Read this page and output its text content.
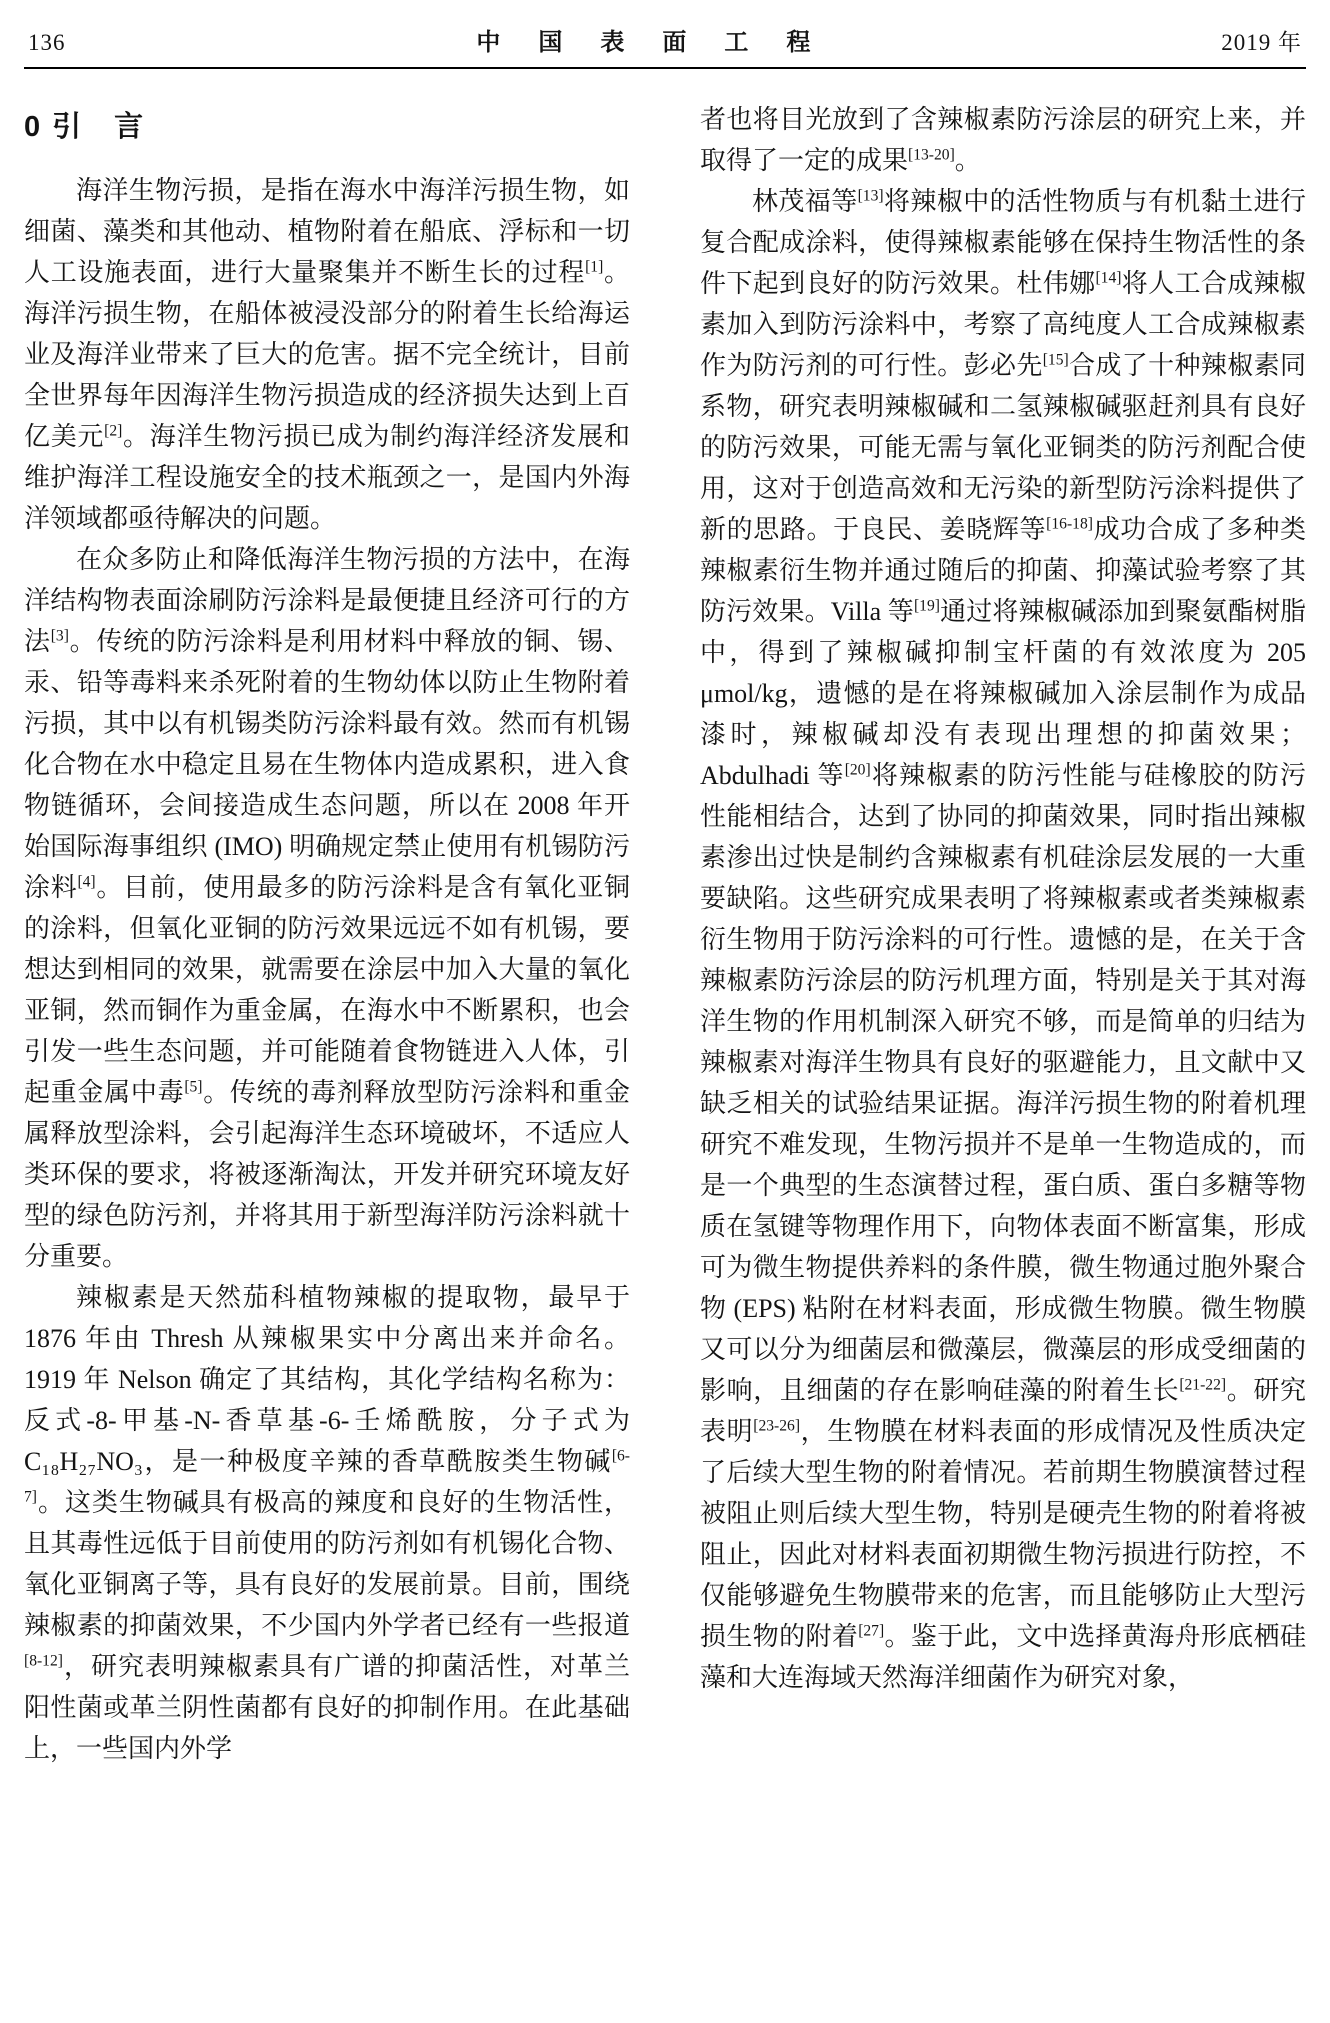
136	中 国 表 面 工 程	2019 年
0 引　言

海洋生物污损，是指在海水中海洋污损生物，如细菌、藻类和其他动、植物附着在船底、浮标和一切人工设施表面，进行大量聚集并不断生长的过程[1]。海洋污损生物，在船体被浸没部分的附着生长给海运业及海洋业带来了巨大的危害。据不完全统计，目前全世界每年因海洋生物污损造成的经济损失达到上百亿美元[2]。海洋生物污损已成为制约海洋经济发展和维护海洋工程设施安全的技术瓶颈之一，是国内外海洋领域都亟待解决的问题。

在众多防止和降低海洋生物污损的方法中，在海洋结构物表面涂刷防污涂料是最便捷且经济可行的方法[3]。传统的防污涂料是利用材料中释放的铜、锡、汞、铅等毒料来杀死附着的生物幼体以防止生物附着污损，其中以有机锡类防污涂料最有效。然而有机锡化合物在水中稳定且易在生物体内造成累积，进入食物链循环，会间接造成生态问题，所以在 2008 年开始国际海事组织 (IMO) 明确规定禁止使用有机锡防污涂料[4]。目前，使用最多的防污涂料是含有氧化亚铜的涂料，但氧化亚铜的防污效果远远不如有机锡，要想达到相同的效果，就需要在涂层中加入大量的氧化亚铜，然而铜作为重金属，在海水中不断累积，也会引发一些生态问题，并可能随着食物链进入人体，引起重金属中毒[5]。传统的毒剂释放型防污涂料和重金属释放型涂料，会引起海洋生态环境破坏，不适应人类环保的要求，将被逐渐淘汰，开发并研究环境友好型的绿色防污剂，并将其用于新型海洋防污涂料就十分重要。

辣椒素是天然茄科植物辣椒的提取物，最早于 1876 年由 Thresh 从辣椒果实中分离出来并命名。1919 年 Nelson 确定了其结构，其化学结构名称为：反式-8-甲基-N-香草基-6-壬烯酰胺，分子式为 C₁₈H₂₇NO₃，是一种极度辛辣的香草酰胺类生物碱[6-7]。这类生物碱具有极高的辣度和良好的生物活性，且其毒性远低于目前使用的防污剂如有机锡化合物、氧化亚铜离子等，具有良好的发展前景。目前，围绕辣椒素的抑菌效果，不少国内外学者已经有一些报道[8-12]，研究表明辣椒素具有广谱的抑菌活性，对革兰阳性菌或革兰阴性菌都有良好的抑制作用。在此基础上，一些国内外学

者也将目光放到了含辣椒素防污涂层的研究上来，并取得了一定的成果[13-20]。

林茂福等[13]将辣椒中的活性物质与有机黏土进行复合配成涂料，使得辣椒素能够在保持生物活性的条件下起到良好的防污效果。杜伟娜[14]将人工合成辣椒素加入到防污涂料中，考察了高纯度人工合成辣椒素作为防污剂的可行性。彭必先[15]合成了十种辣椒素同系物，研究表明辣椒碱和二氢辣椒碱驱赶剂具有良好的防污效果，可能无需与氧化亚铜类的防污剂配合使用，这对于创造高效和无污染的新型防污涂料提供了新的思路。于良民、姜晓辉等[16-18]成功合成了多种类辣椒素衍生物并通过随后的抑菌、抑藻试验考察了其防污效果。Villa 等[19]通过将辣椒碱添加到聚氨酯树脂中，得到了辣椒碱抑制宝杆菌的有效浓度为 205 μmol/kg，遗憾的是在将辣椒碱加入涂层制作为成品漆时，辣椒碱却没有表现出理想的抑菌效果；Abdulhadi 等[20]将辣椒素的防污性能与硅橡胶的防污性能相结合，达到了协同的抑菌效果，同时指出辣椒素渗出过快是制约含辣椒素有机硅涂层发展的一大重要缺陷。这些研究成果表明了将辣椒素或者类辣椒素衍生物用于防污涂料的可行性。遗憾的是，在关于含辣椒素防污涂层的防污机理方面，特别是关于其对海洋生物的作用机制深入研究不够，而是简单的归结为辣椒素对海洋生物具有良好的驱避能力，且文献中又缺乏相关的试验结果证据。海洋污损生物的附着机理研究不难发现，生物污损并不是单一生物造成的，而是一个典型的生态演替过程，蛋白质、蛋白多糖等物质在氢键等物理作用下，向物体表面不断富集，形成可为微生物提供养料的条件膜，微生物通过胞外聚合物 (EPS) 粘附在材料表面，形成微生物膜。微生物膜又可以分为细菌层和微藻层，微藻层的形成受细菌的影响，且细菌的存在影响硅藻的附着生长[21-22]。研究表明[23-26]，生物膜在材料表面的形成情况及性质决定了后续大型生物的附着情况。若前期生物膜演替过程被阻止则后续大型生物，特别是硬壳生物的附着将被阻止，因此对材料表面初期微生物污损进行防控，不仅能够避免生物膜带来的危害，而且能够防止大型污损生物的附着[27]。鉴于此，文中选择黄海舟形底栖硅藻和大连海域天然海洋细菌作为研究对象，
